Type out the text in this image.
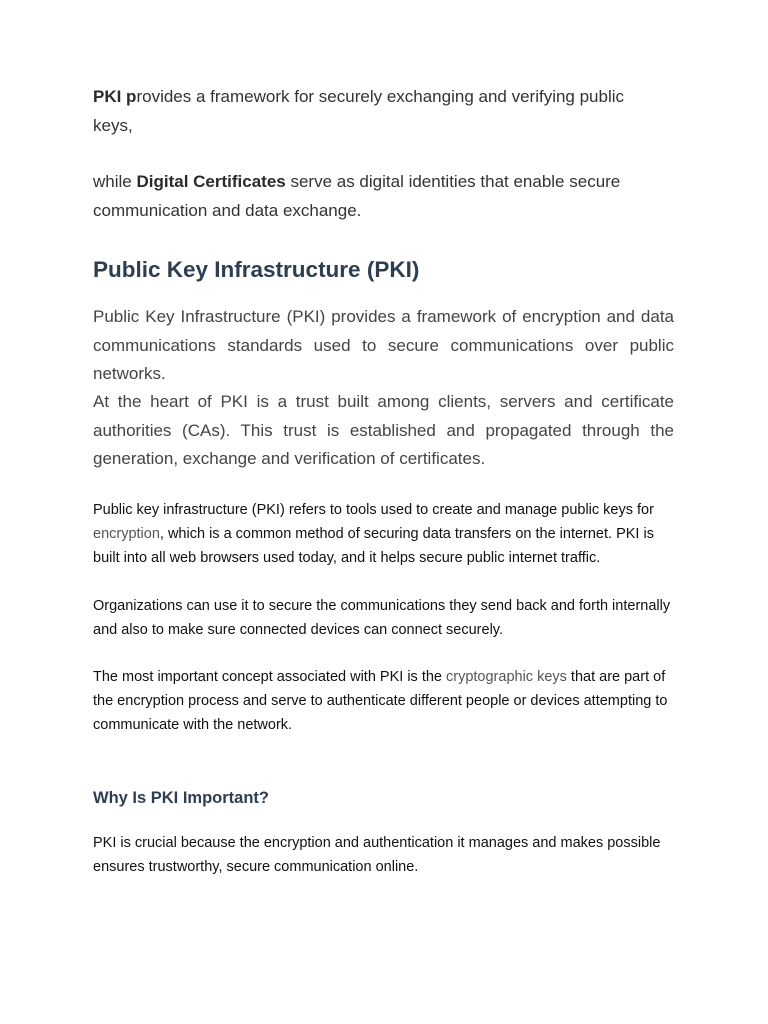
PKI provides a framework for securely exchanging and verifying public keys,

while Digital Certificates serve as digital identities that enable secure communication and data exchange.

Public Key Infrastructure (PKI)

Public Key Infrastructure (PKI) provides a framework of encryption and data communications standards used to secure communications over public networks.

At the heart of PKI is a trust built among clients, servers and certificate authorities (CAs). This trust is established and propagated through the generation, exchange and verification of certificates.

Public key infrastructure (PKI) refers to tools used to create and manage public keys for encryption, which is a common method of securing data transfers on the internet. PKI is built into all web browsers used today, and it helps secure public internet traffic.

Organizations can use it to secure the communications they send back and forth internally and also to make sure connected devices can connect securely.

The most important concept associated with PKI is the cryptographic keys that are part of the encryption process and serve to authenticate different people or devices attempting to communicate with the network.

Why Is PKI Important?

PKI is crucial because the encryption and authentication it manages and makes possible ensures trustworthy, secure communication online.
